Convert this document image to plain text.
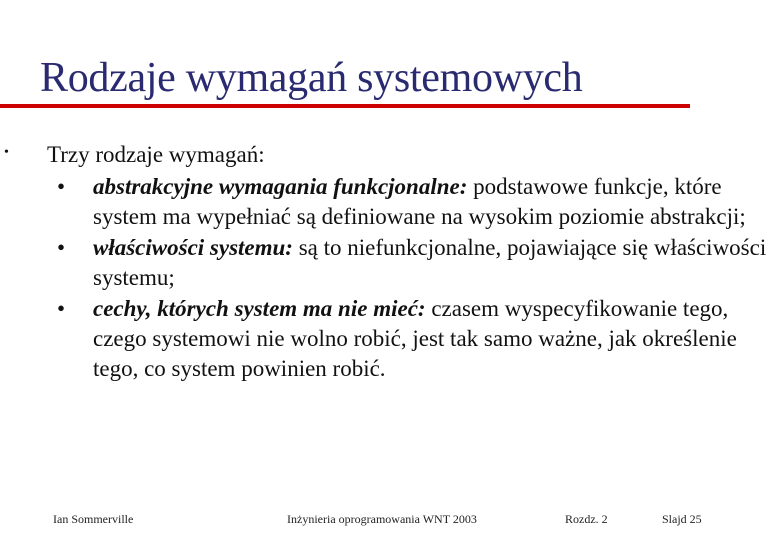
Rodzaje wymagań systemowych
• Trzy rodzaje wymagań:

• abstrakcyjne wymagania funkcjonalne: podstawowe funkcje, które system ma wypełniać są definiowane na wysokim poziomie abstrakcji;
• właściwości systemu: są to niefunkcjonalne, pojawiające się właściwości systemu;
• cechy, których system ma nie mieć: czasem wyspecyfikowanie tego, czego systemowi nie wolno robić, jest tak samo ważne, jak określenie tego, co system powinien robić.
Ian Sommerville	Inżynieria oprogramowania WNT 2003	Rozdz. 2	Slajd 25
